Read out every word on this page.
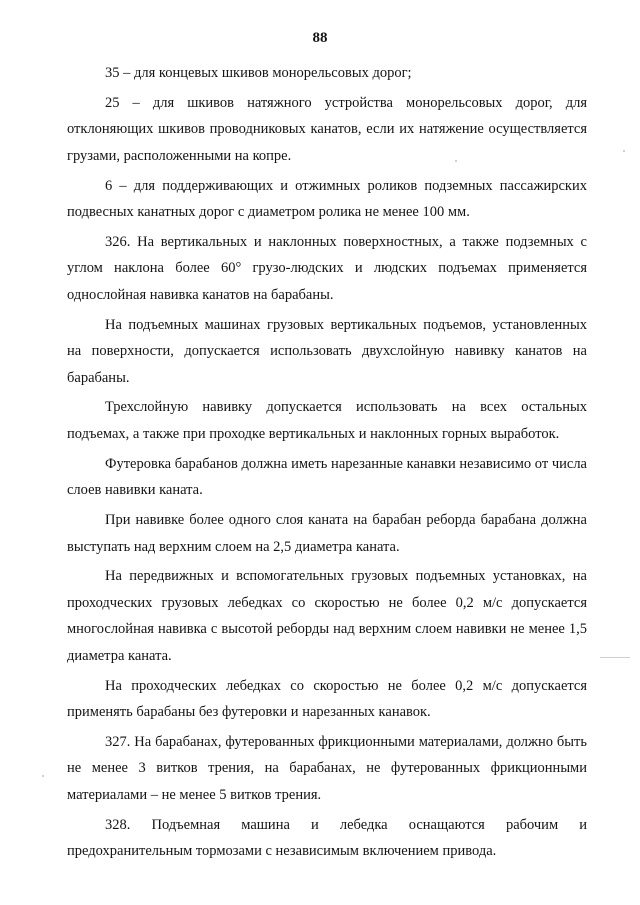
88

35 – для концевых шкивов монорельсовых дорог;

25 – для шкивов натяжного устройства монорельсовых дорог, для отклоняющих шкивов проводниковых канатов, если их натяжение осуществляется грузами, расположенными на копре.

6 – для поддерживающих и отжимных роликов подземных пассажирских подвесных канатных дорог с диаметром ролика не менее 100 мм.

326. На вертикальных и наклонных поверхностных, а также подземных с углом наклона более 60° грузо-людских и людских подъемах применяется однослойная навивка канатов на барабаны.

На подъемных машинах грузовых вертикальных подъемов, установленных на поверхности, допускается использовать двухслойную навивку канатов на барабаны.

Трехслойную навивку допускается использовать на всех остальных подъемах, а также при проходке вертикальных и наклонных горных выработок.

Футеровка барабанов должна иметь нарезанные канавки независимо от числа слоев навивки каната.

При навивке более одного слоя каната на барабан реборда барабана должна выступать над верхним слоем на 2,5 диаметра каната.

На передвижных и вспомогательных грузовых подъемных установках, на проходческих грузовых лебедках со скоростью не более 0,2 м/с допускается многослойная навивка с высотой реборды над верхним слоем навивки не менее 1,5 диаметра каната.

На проходческих лебедках со скоростью не более 0,2 м/с допускается применять барабаны без футеровки и нарезанных канавок.

327. На барабанах, футерованных фрикционными материалами, должно быть не менее 3 витков трения, на барабанах, не футерованных фрикционными материалами – не менее 5 витков трения.

328. Подъемная машина и лебедка оснащаются рабочим и предохранительным тормозами с независимым включением привода.
